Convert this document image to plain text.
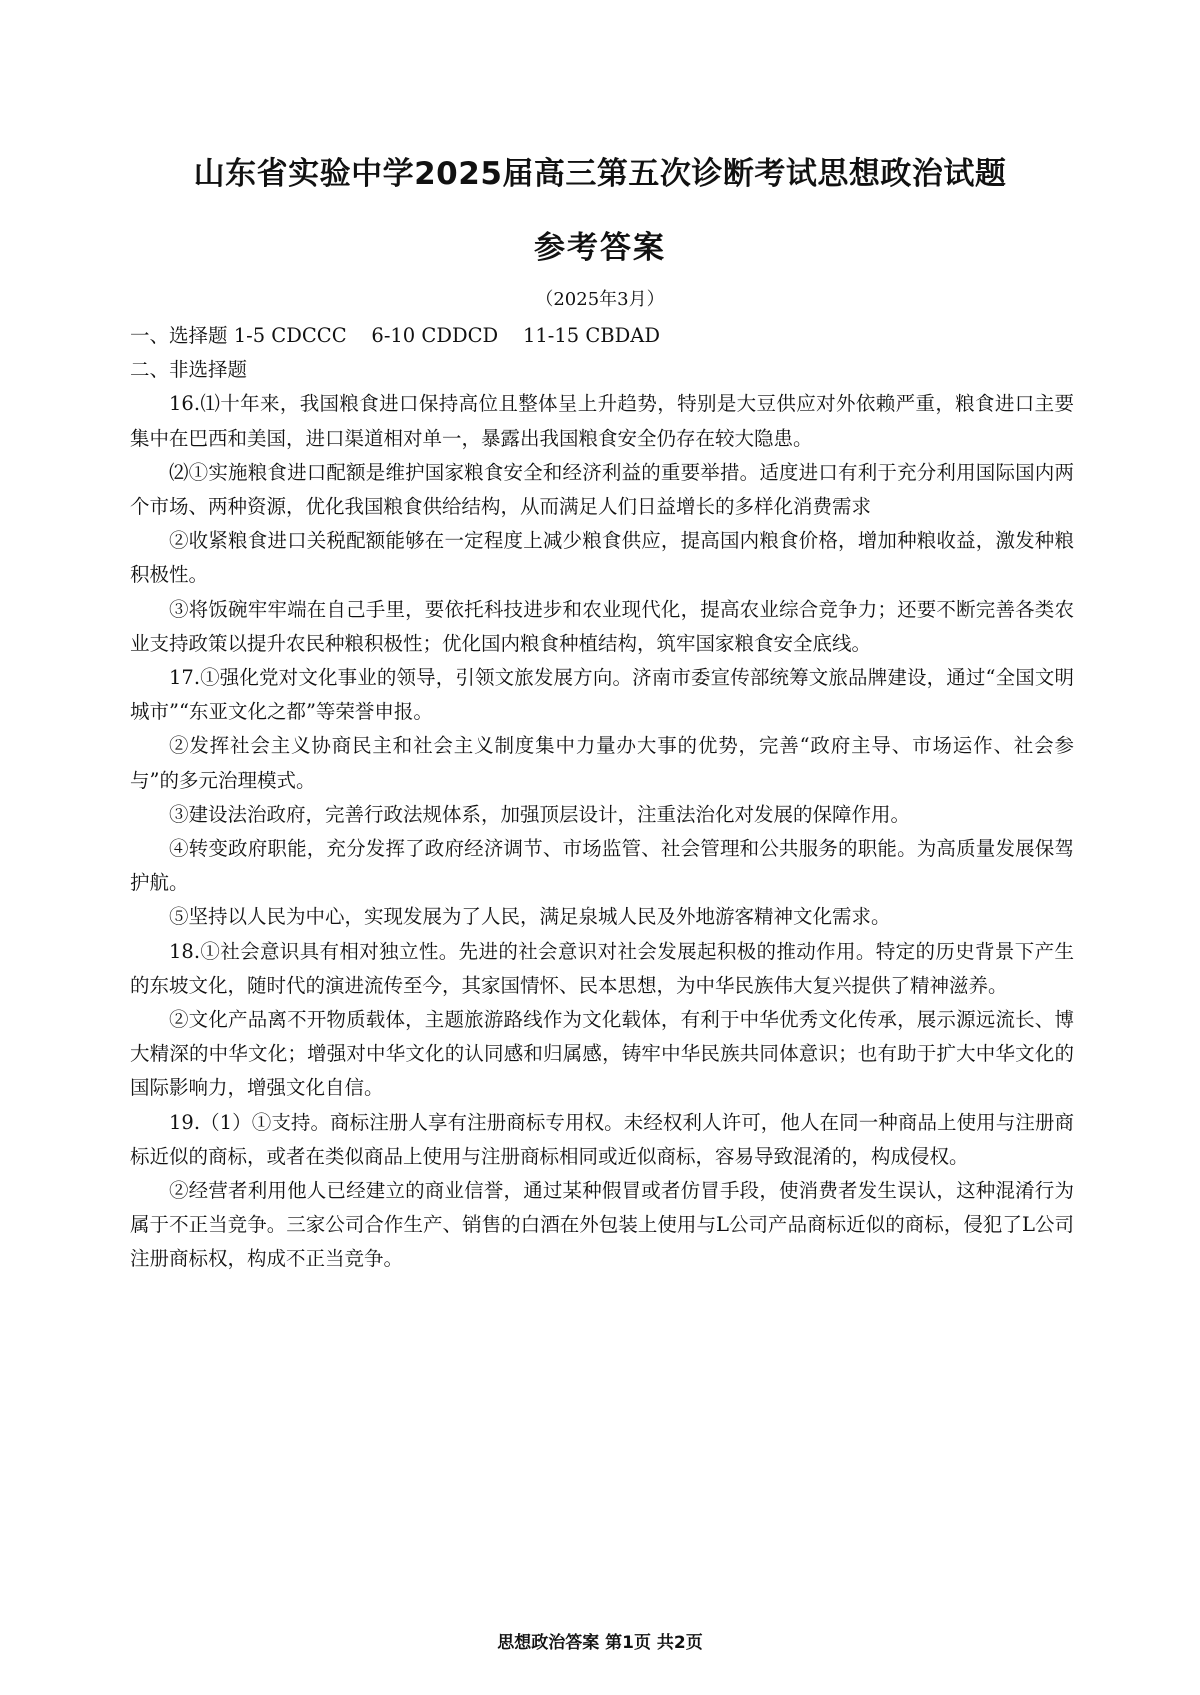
山东省实验中学2025届高三第五次诊断考试思想政治试题
参考答案
（2025年3月）

一、选择题 1-5 CDCCC    6-10 CDDCD    11-15 CBDAD

二、非选择题

16.⑴十年来，我国粮食进口保持高位且整体呈上升趋势，特别是大豆供应对外依赖严重，粮食进口主要集中在巴西和美国，进口渠道相对单一，暴露出我国粮食安全仍存在较大隐患。

⑵①实施粮食进口配额是维护国家粮食安全和经济利益的重要举措。适度进口有利于充分利用国际国内两个市场、两种资源，优化我国粮食供给结构，从而满足人们日益增长的多样化消费需求

②收紧粮食进口关税配额能够在一定程度上减少粮食供应，提高国内粮食价格，增加种粮收益，激发种粮积极性。

③将饭碗牢牢端在自己手里，要依托科技进步和农业现代化，提高农业综合竞争力；还要不断完善各类农业支持政策以提升农民种粮积极性；优化国内粮食种植结构，筑牢国家粮食安全底线。

17.①强化党对文化事业的领导，引领文旅发展方向。济南市委宣传部统筹文旅品牌建设，通过“全国文明城市”“东亚文化之都”等荣誉申报。

②发挥社会主义协商民主和社会主义制度集中力量办大事的优势，完善“政府主导、市场运作、社会参与”的多元治理模式。

③建设法治政府，完善行政法规体系，加强顶层设计，注重法治化对发展的保障作用。

④转变政府职能，充分发挥了政府经济调节、市场监管、社会管理和公共服务的职能。为高质量发展保驾护航。

⑤坚持以人民为中心，实现发展为了人民，满足泉城人民及外地游客精神文化需求。

18.①社会意识具有相对独立性。先进的社会意识对社会发展起积极的推动作用。特定的历史背景下产生的东坡文化，随时代的演进流传至今，其家国情怀、民本思想，为中华民族伟大复兴提供了精神滋养。

②文化产品离不开物质载体，主题旅游路线作为文化载体，有利于中华优秀文化传承，展示源远流长、博大精深的中华文化；增强对中华文化的认同感和归属感，铸牢中华民族共同体意识；也有助于扩大中华文化的国际影响力，增强文化自信。

19.（1）①支持。商标注册人享有注册商标专用权。未经权利人许可，他人在同一种商品上使用与注册商标近似的商标，或者在类似商品上使用与注册商标相同或近似商标，容易导致混淆的，构成侵权。

②经营者利用他人已经建立的商业信誉，通过某种假冒或者仿冒手段，使消费者发生误认，这种混淆行为属于不正当竞争。三家公司合作生产、销售的白酒在外包装上使用与L公司产品商标近似的商标，侵犯了L公司注册商标权，构成不正当竞争。

思想政治答案 第1页 共2页
